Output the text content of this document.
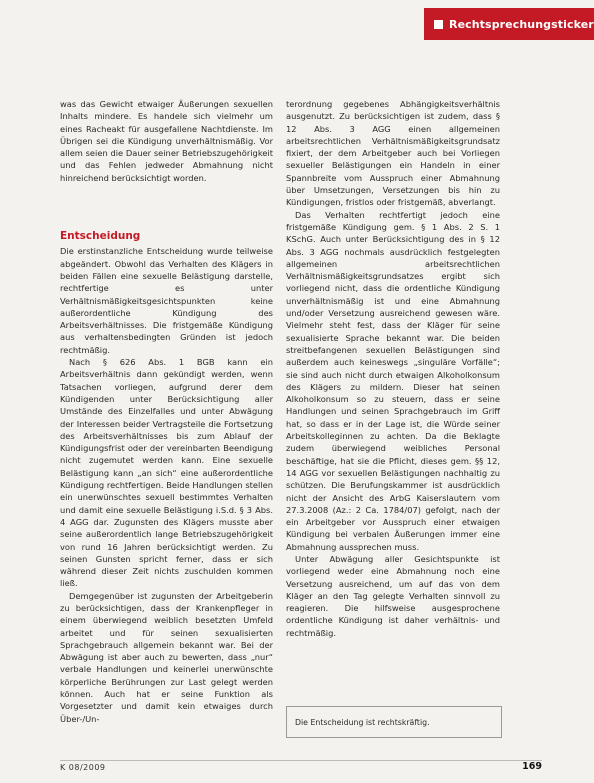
Rechtsprechungsticker

was das Gewicht etwaiger Äußerungen sexuellen Inhalts mindere. Es handele sich vielmehr um eines Racheakt für ausgefallene Nachtdienste. Im Übrigen sei die Kündigung unverhältnismäßig. Vor allem seien die Dauer seiner Betriebszugehörigkeit und das Fehlen jedweder Abmahnung nicht hinreichend berücksichtigt worden.

Entscheidung

Die erstinstanzliche Entscheidung wurde teilweise abgeändert. Obwohl das Verhalten des Klägers in beiden Fällen eine sexuelle Belästigung darstelle, rechtfertige es unter Verhältnismäßigkeitsgesichtspunkten keine außerordentliche Kündigung des Arbeitsverhältnisses. Die fristgemäße Kündigung aus verhaltensbedingten Gründen ist jedoch rechtmäßig.

Nach § 626 Abs. 1 BGB kann ein Arbeitsverhältnis dann gekündigt werden, wenn Tatsachen vorliegen, aufgrund derer dem Kündigenden unter Berücksichtigung aller Umstände des Einzelfalles und unter Abwägung der Interessen beider Vertragsteile die Fortsetzung des Arbeitsverhältnisses bis zum Ablauf der Kündigungsfrist oder der vereinbarten Beendigung nicht zugemutet werden kann. Eine sexuelle Belästigung kann „an sich“ eine außerordentliche Kündigung rechtfertigen. Beide Handlungen stellen ein unerwünschtes sexuell bestimmtes Verhalten und damit eine sexuelle Belästigung i.S.d. § 3 Abs. 4 AGG dar. Zugunsten des Klägers musste aber seine außerordentlich lange Betriebszugehörigkeit von rund 16 Jahren berücksichtigt werden. Zu seinen Gunsten spricht ferner, dass er sich während dieser Zeit nichts zuschulden kommen ließ.

Demgegenüber ist zugunsten der Arbeitgeberin zu berücksichtigen, dass der Krankenpfleger in einem überwiegend weiblich besetzten Umfeld arbeitet und für seinen sexualisierten Sprachgebrauch allgemein bekannt war. Bei der Abwägung ist aber auch zu bewerten, dass „nur“ verbale Handlungen und keinerlei unerwünschte körperliche Berührungen zur Last gelegt werden können. Auch hat er seine Funktion als Vorgesetzter und damit kein etwaiges durch Über-/Un-

terordnung gegebenes Abhängigkeitsverhältnis ausgenutzt. Zu berücksichtigen ist zudem, dass § 12 Abs. 3 AGG einen allgemeinen arbeitsrechtlichen Verhältnismäßigkeitsgrundsatz fixiert, der dem Arbeitgeber auch bei Vorliegen sexueller Belästigungen ein Handeln in einer Spannbreite vom Ausspruch einer Abmahnung über Umsetzungen, Versetzungen bis hin zu Kündigungen, fristlos oder fristgemäß, abverlangt.

Das Verhalten rechtfertigt jedoch eine fristgemäße Kündigung gem. § 1 Abs. 2 S. 1 KSchG. Auch unter Berücksichtigung des in § 12 Abs. 3 AGG nochmals ausdrücklich festgelegten allgemeinen arbeitsrechtlichen Verhältnismäßigkeitsgrundsatzes ergibt sich vorliegend nicht, dass die ordentliche Kündigung unverhältnismäßig ist und eine Abmahnung und/oder Versetzung ausreichend gewesen wäre. Vielmehr steht fest, dass der Kläger für seine sexualisierte Sprache bekannt war. Die beiden streitbefangenen sexuellen Belästigungen sind außerdem auch keineswegs „singuläre Vorfälle“; sie sind auch nicht durch etwaigen Alkoholkonsum des Klägers zu mildern. Dieser hat seinen Alkoholkonsum so zu steuern, dass er seine Handlungen und seinen Sprachgebrauch im Griff hat, so dass er in der Lage ist, die Würde seiner Arbeitskolleginnen zu achten. Da die Beklagte zudem überwiegend weibliches Personal beschäftige, hat sie die Pflicht, dieses gem. §§ 12, 14 AGG vor sexuellen Belästigungen nachhaltig zu schützen. Die Berufungskammer ist ausdrücklich nicht der Ansicht des ArbG Kaiserslautern vom 27.3.2008 (Az.: 2 Ca. 1784/07) gefolgt, nach der ein Arbeitgeber vor Ausspruch einer etwaigen Kündigung bei verbalen Äußerungen immer eine Abmahnung aussprechen muss.

Unter Abwägung aller Gesichtspunkte ist vorliegend weder eine Abmahnung noch eine Versetzung ausreichend, um auf das von dem Kläger an den Tag gelegte Verhalten sinnvoll zu reagieren. Die hilfsweise ausgesprochene ordentliche Kündigung ist daher verhältnis- und rechtmäßig.

Die Entscheidung ist rechtskräftig.
K 08/2009	169
